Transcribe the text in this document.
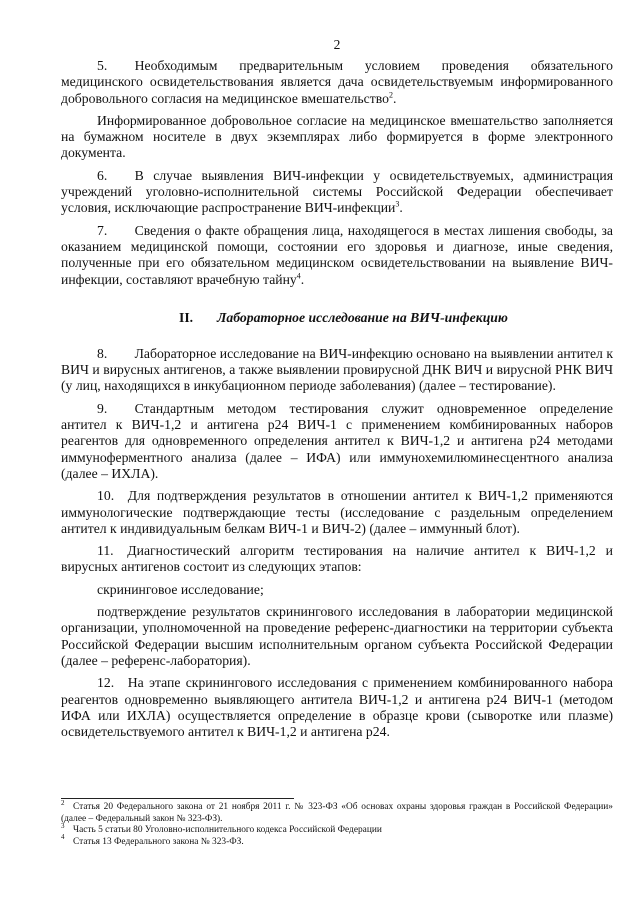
2

5.  Необходимым предварительным условием проведения обязательного медицинского освидетельствования является дача освидетельствуемым информированного добровольного согласия на медицинское вмешательство$^2$.

Информированное добровольное согласие на медицинское вмешательство заполняется на бумажном носителе в двух экземплярах либо формируется в форме электронного документа.

6.  В случае выявления ВИЧ-инфекции у освидетельствуемых, администрация учреждений уголовно-исполнительной системы Российской Федерации обеспечивает условия, исключающие распространение ВИЧ-инфекции$^3$.

7.  Сведения о факте обращения лица, находящегося в местах лишения свободы, за оказанием медицинской помощи, состоянии его здоровья и диагнозе, иные сведения, полученные при его обязательном медицинском освидетельствовании на выявление ВИЧ-инфекции, составляют врачебную тайну$^4$.

II. Лабораторное исследование на ВИЧ-инфекцию

8.  Лабораторное исследование на ВИЧ-инфекцию основано на выявлении антител к ВИЧ и вирусных антигенов, а также выявлении провирусной ДНК ВИЧ и вирусной РНК ВИЧ (у лиц, находящихся в инкубационном периоде заболевания) (далее – тестирование).

9.  Стандартным методом тестирования служит одновременное определение антител к ВИЧ-1,2 и антигена р24 ВИЧ-1 с применением комбинированных наборов реагентов для одновременного определения антител к ВИЧ-1,2 и антигена р24 методами иммуноферментного анализа (далее – ИФА) или иммунохемилюминесцентного анализа (далее – ИХЛА).

10. Для подтверждения результатов в отношении антител к ВИЧ-1,2 применяются иммунологические подтверждающие тесты (исследование с раздельным определением антител к индивидуальным белкам ВИЧ-1 и ВИЧ-2) (далее – иммунный блот).

11. Диагностический алгоритм тестирования на наличие антител к ВИЧ-1,2 и вирусных антигенов состоит из следующих этапов:

скрининговое исследование;

подтверждение результатов скринингового исследования в лаборатории медицинской организации, уполномоченной на проведение референс-диагностики на территории субъекта Российской Федерации высшим исполнительным органом субъекта Российской Федерации (далее – референс-лаборатория).

12. На этапе скринингового исследования с применением комбинированного набора реагентов одновременно выявляющего антитела ВИЧ-1,2 и антигена р24 ВИЧ-1 (методом ИФА или ИХЛА) осуществляется определение в образце крови (сыворотке или плазме) освидетельствуемого антител к ВИЧ-1,2 и антигена р24.

2 Статья 20 Федерального закона от 21 ноября 2011 г. № 323-ФЗ «Об основах охраны здоровья граждан в Российской Федерации» (далее – Федеральный закон № 323-ФЗ).

3 Часть 5 статьи 80 Уголовно-исполнительного кодекса Российской Федерации

4 Статья 13 Федерального закона № 323-ФЗ.
